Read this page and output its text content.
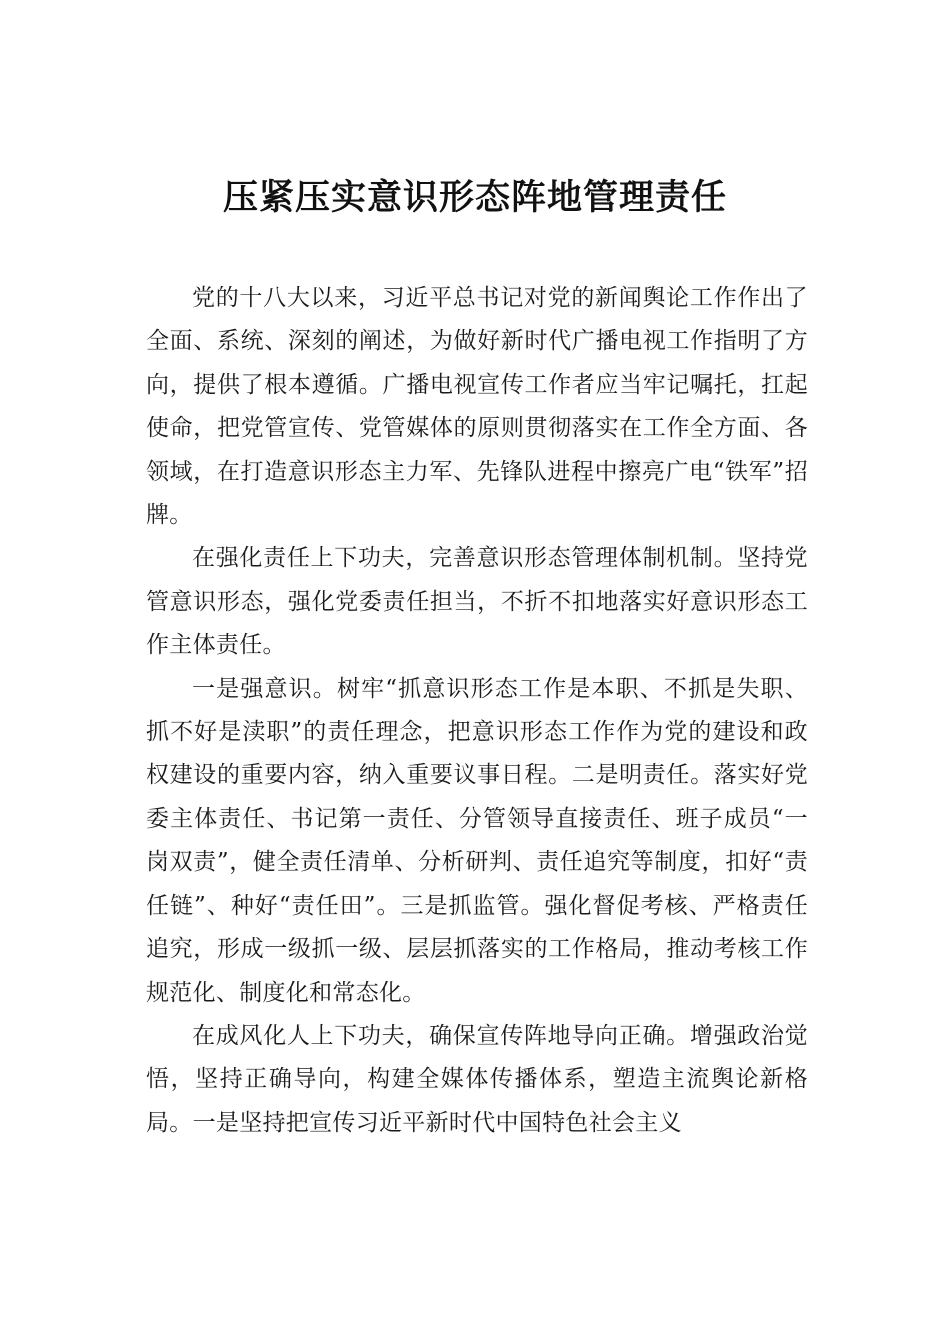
压紧压实意识形态阵地管理责任

党的十八大以来，习近平总书记对党的新闻舆论工作作出了全面、系统、深刻的阐述，为做好新时代广播电视工作指明了方向，提供了根本遵循。广播电视宣传工作者应当牢记嘱托，扛起使命，把党管宣传、党管媒体的原则贯彻落实在工作全方面、各领域，在打造意识形态主力军、先锋队进程中擦亮广电“铁军”招牌。

在强化责任上下功夫，完善意识形态管理体制机制。坚持党管意识形态，强化党委责任担当，不折不扣地落实好意识形态工作主体责任。

一是强意识。树牢“抓意识形态工作是本职、不抓是失职、抓不好是渎职”的责任理念，把意识形态工作作为党的建设和政权建设的重要内容，纳入重要议事日程。二是明责任。落实好党委主体责任、书记第一责任、分管领导直接责任、班子成员“一岗双责”，健全责任清单、分析研判、责任追究等制度，扣好“责任链”、种好“责任田”。三是抓监管。强化督促考核、严格责任追究，形成一级抓一级、层层抓落实的工作格局，推动考核工作规范化、制度化和常态化。

在成风化人上下功夫，确保宣传阵地导向正确。增强政治觉悟，坚持正确导向，构建全媒体传播体系，塑造主流舆论新格局。一是坚持把宣传习近平新时代中国特色社会主义
